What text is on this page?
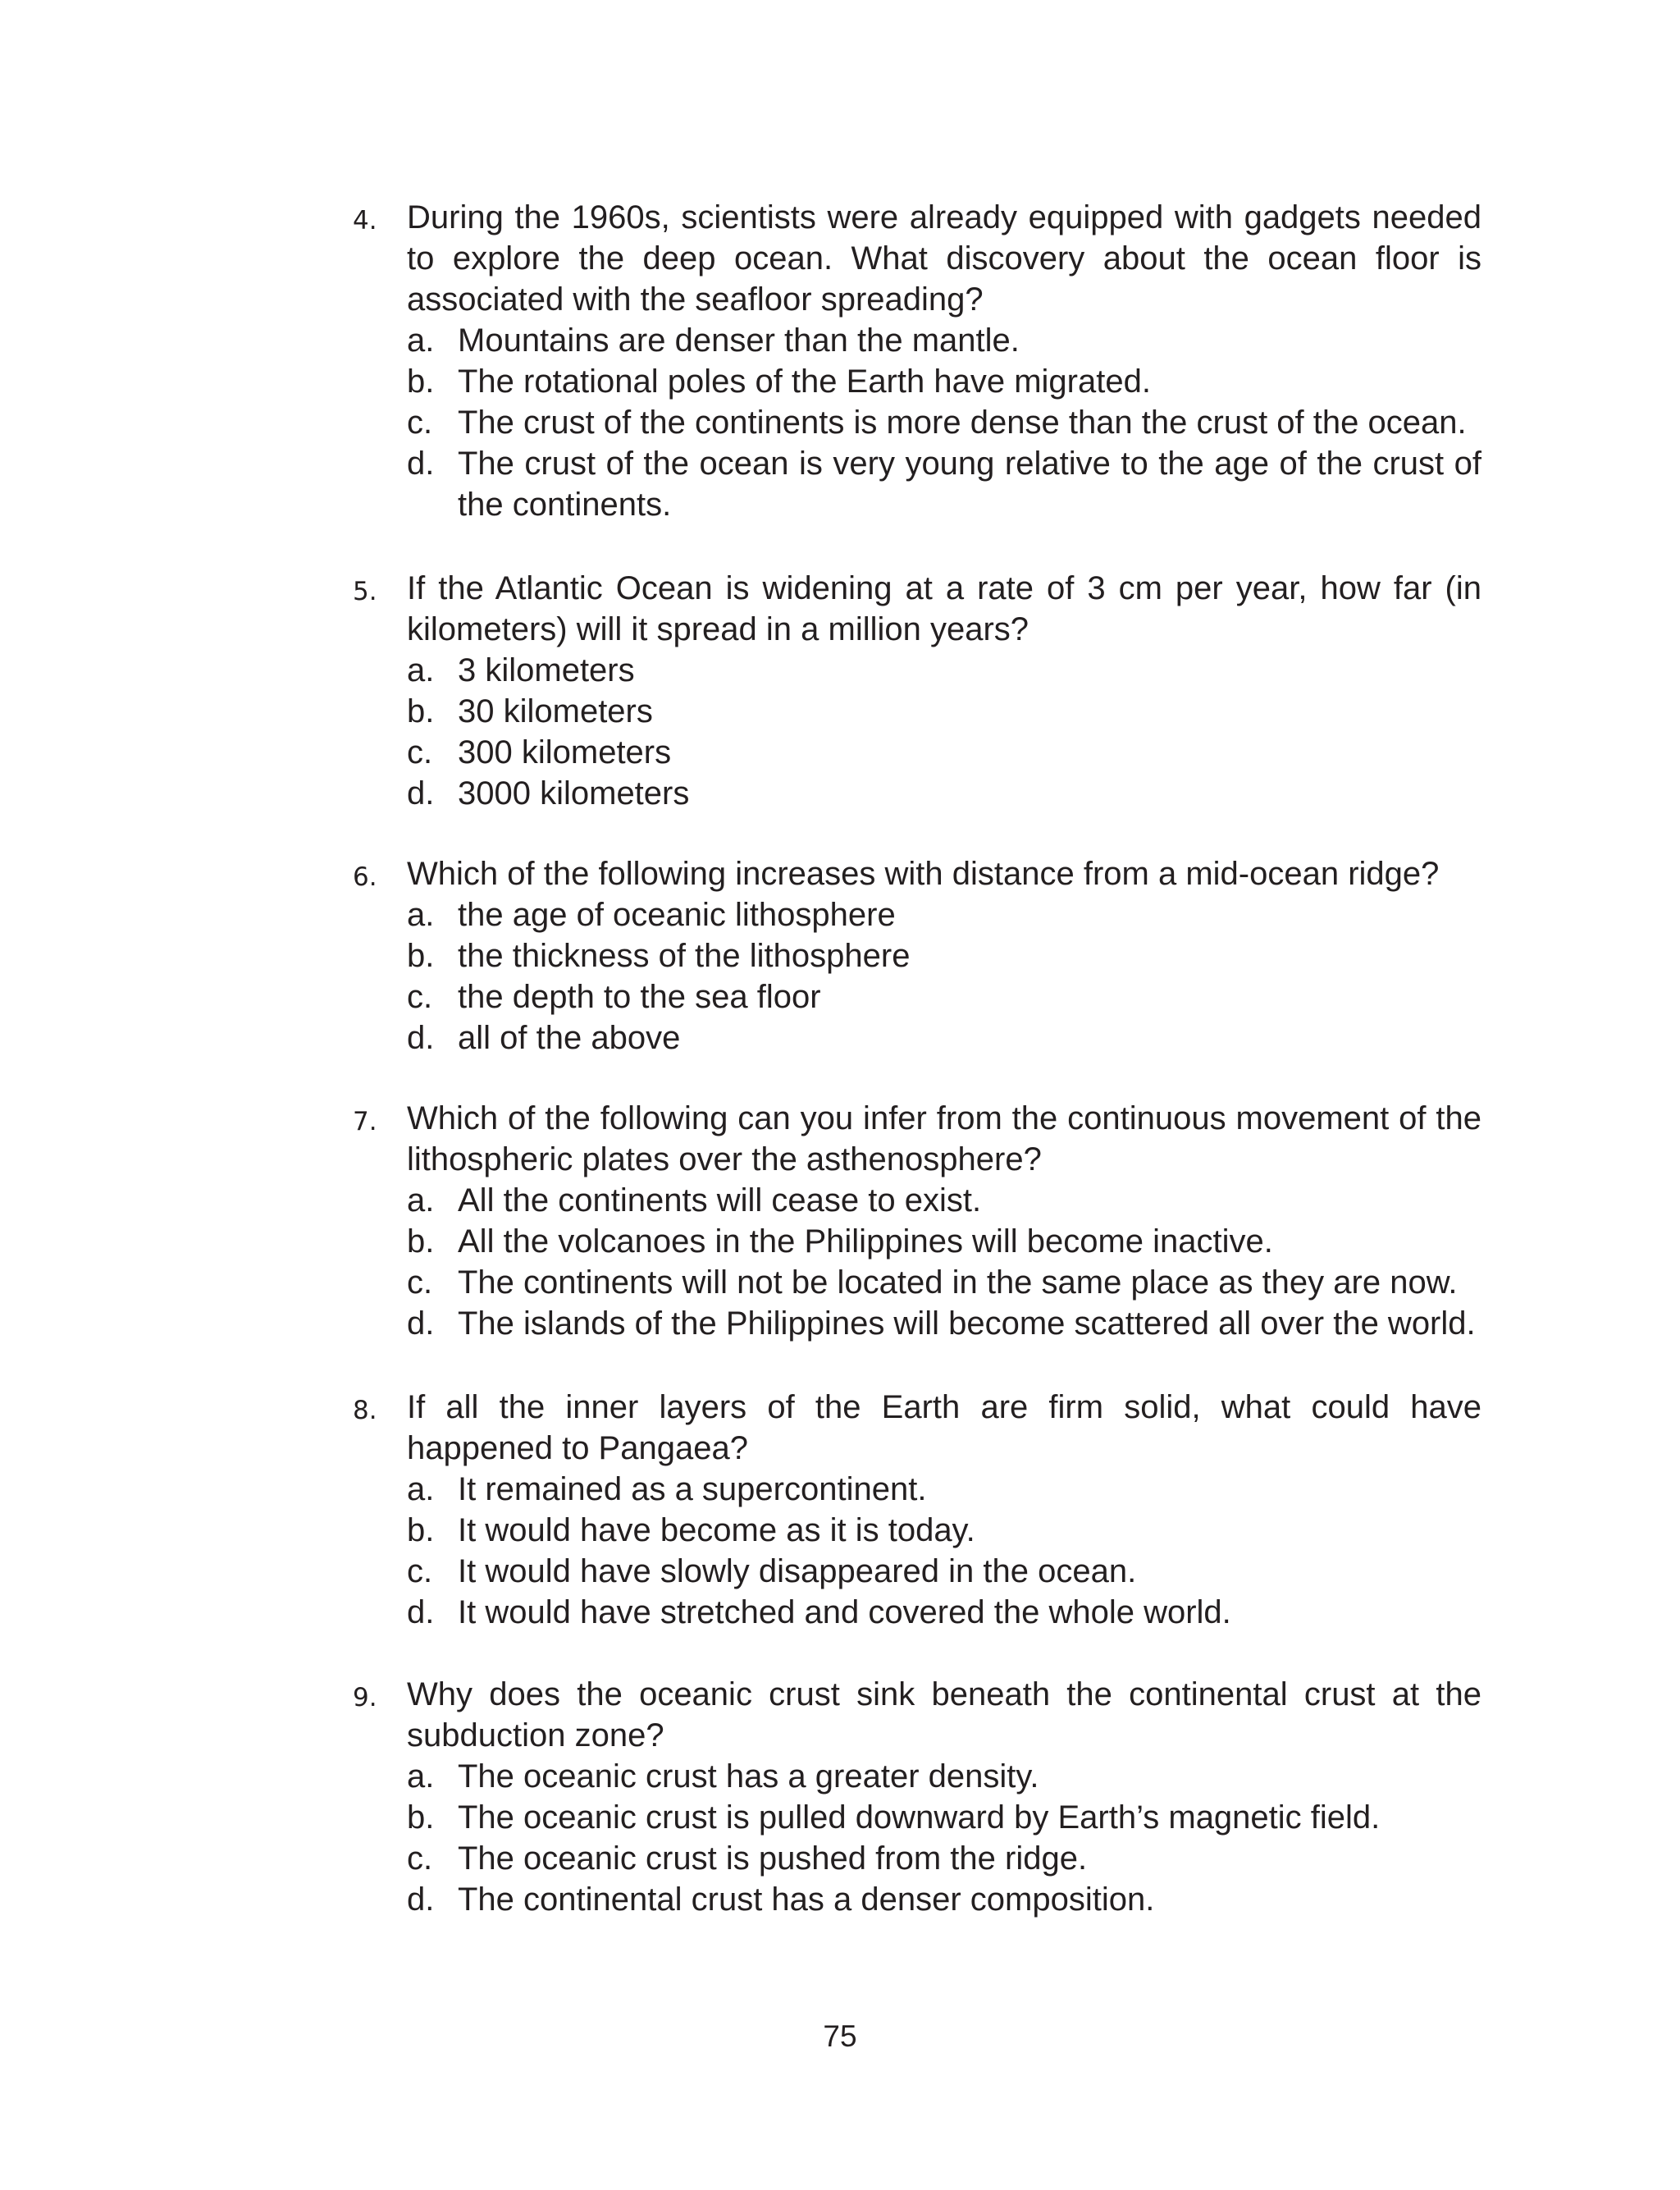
4. During the 1960s, scientists were already equipped with gadgets needed to explore the deep ocean. What discovery about the ocean floor is associated with the seafloor spreading?

a. Mountains are denser than the mantle.
b. The rotational poles of the Earth have migrated.
c. The crust of the continents is more dense than the crust of the ocean.
d. The crust of the ocean is very young relative to the age of the crust of the continents.
5. If the Atlantic Ocean is widening at a rate of 3 cm per year, how far (in kilometers) will it spread in a million years?

a. 3 kilometers
b. 30 kilometers
c. 300 kilometers
d. 3000 kilometers
6. Which of the following increases with distance from a mid-ocean ridge?

a. the age of oceanic lithosphere
b. the thickness of the lithosphere
c. the depth to the sea floor
d. all of the above
7. Which of the following can you infer from the continuous movement of the lithospheric plates over the asthenosphere?

a. All the continents will cease to exist.
b. All the volcanoes in the Philippines will become inactive.
c. The continents will not be located in the same place as they are now.
d. The islands of the Philippines will become scattered all over the world.
8. If all the inner layers of the Earth are firm solid, what could have happened to Pangaea?

a. It remained as a supercontinent.
b. It would have become as it is today.
c. It would have slowly disappeared in the ocean.
d. It would have stretched and covered the whole world.
9. Why does the oceanic crust sink beneath the continental crust at the subduction zone?

a. The oceanic crust has a greater density.
b. The oceanic crust is pulled downward by Earth’s magnetic field.
c. The oceanic crust is pushed from the ridge.
d. The continental crust has a denser composition.
75
